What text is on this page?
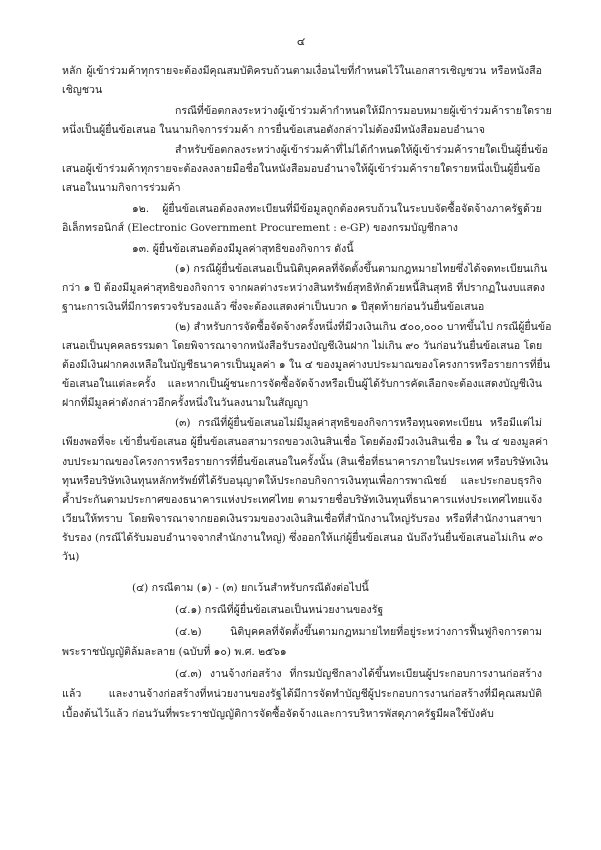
๔
หลัก ผู้เข้าร่วมค้าทุกรายจะต้องมีคุณสมบัติครบถ้วนตามเงื่อนไขที่กำหนดไว้ในเอกสารเชิญชวน หรือหนังสือ
เชิญชวน
กรณีที่ข้อตกลงระหว่างผู้เข้าร่วมค้ากำหนดให้มีการมอบหมายผู้เข้าร่วมค้ารายใดราย
หนึ่งเป็นผู้ยื่นข้อเสนอ ในนามกิจการร่วมค้า การยื่นข้อเสนอดังกล่าวไม่ต้องมีหนังสือมอบอำนาจ
สำหรับข้อตกลงระหว่างผู้เข้าร่วมค้าที่ไม่ได้กำหนดให้ผู้เข้าร่วมค้ารายใดเป็นผู้ยื่นข้อ
เสนอผู้เข้าร่วมค้าทุกรายจะต้องลงลายมือชื่อในหนังสือมอบอำนาจให้ผู้เข้าร่วมค้ารายใดรายหนึ่งเป็นผู้ยื่นข้อ
เสนอในนามกิจการร่วมค้า
๑๒. ผู้ยื่นข้อเสนอต้องลงทะเบียนที่มีข้อมูลถูกต้องครบถ้วนในระบบจัดซื้อจัดจ้างภาครัฐด้วย
อิเล็กทรอนิกส์ (Electronic Government Procurement : e-GP) ของกรมบัญชีกลาง
๑๓. ผู้ยื่นข้อเสนอต้องมีมูลค่าสุทธิของกิจการ ดังนี้
(๑) กรณีผู้ยื่นข้อเสนอเป็นนิติบุคคลที่จัดตั้งขึ้นตามกฎหมายไทยซึ่งได้จดทะเบียนเกิน
กว่า ๑ ปี ต้องมีมูลค่าสุทธิของกิจการ จากผลต่างระหว่างสินทรัพย์สุทธิหักด้วยหนี้สินสุทธิ ที่ปรากฏในงบแสดง
ฐานะการเงินที่มีการตรวจรับรองแล้ว ซึ่งจะต้องแสดงค่าเป็นบวก ๑ ปีสุดท้ายก่อนวันยื่นข้อเสนอ
(๒) สำหรับการจัดซื้อจัดจ้างครั้งหนึ่งที่มีวงเงินเกิน ๕๐๐,๐๐๐ บาทขึ้นไป กรณีผู้ยื่นข้อ
เสนอเป็นบุคคลธรรมดา โดยพิจารณาจากหนังสือรับรองบัญชีเงินฝาก ไม่เกิน ๙๐ วันก่อนวันยื่นข้อเสนอ โดย
ต้องมีเงินฝากคงเหลือในบัญชีธนาคารเป็นมูลค่า ๑ ใน ๔ ของมูลค่างบประมาณของโครงการหรือรายการที่ยื่น
ข้อเสนอในแต่ละครั้ง และหากเป็นผู้ชนะการจัดซื้อจัดจ้างหรือเป็นผู้ได้รับการคัดเลือกจะต้องแสดงบัญชีเงิน
ฝากที่มีมูลค่าดังกล่าวอีกครั้งหนึ่งในวันลงนามในสัญญา
(๓) กรณีที่ผู้ยื่นข้อเสนอไม่มีมูลค่าสุทธิของกิจการหรือทุนจดทะเบียน หรือมีแต่ไม่
เพียงพอที่จะ เข้ายื่นข้อเสนอ ผู้ยื่นข้อเสนอสามารถขอวงเงินสินเชื่อ โดยต้องมีวงเงินสินเชื่อ ๑ ใน ๔ ของมูลค่า
งบประมาณของโครงการหรือรายการที่ยื่นข้อเสนอในครั้งนั้น (สินเชื่อที่ธนาคารภายในประเทศ หรือบริษัทเงิน
ทุนหรือบริษัทเงินทุนหลักทรัพย์ที่ได้รับอนุญาตให้ประกอบกิจการเงินทุนเพื่อการพาณิชย์ และประกอบธุรกิจ
ค้ำประกันตามประกาศของธนาคารแห่งประเทศไทย ตามรายชื่อบริษัทเงินทุนที่ธนาคารแห่งประเทศไทยแจ้ง
เวียนให้ทราบ โดยพิจารณาจากยอดเงินรวมของวงเงินสินเชื่อที่สำนักงานใหญ่รับรอง หรือที่สำนักงานสาขา
รับรอง (กรณีได้รับมอบอำนาจจากสำนักงานใหญ่) ซึ่งออกให้แก่ผู้ยื่นข้อเสนอ นับถึงวันยื่นข้อเสนอไม่เกิน ๙๐
วัน)
(๔) กรณีตาม (๑) - (๓) ยกเว้นสำหรับกรณีดังต่อไปนี้
(๔.๑) กรณีที่ผู้ยื่นข้อเสนอเป็นหน่วยงานของรัฐ
(๔.๒) นิติบุคคลที่จัดตั้งขึ้นตามกฎหมายไทยที่อยู่ระหว่างการฟื้นฟูกิจการตาม
พระราชบัญญัติล้มละลาย (ฉบับที่ ๑๐) พ.ศ. ๒๕๖๑
(๔.๓) งานจ้างก่อสร้าง ที่กรมบัญชีกลางได้ขึ้นทะเบียนผู้ประกอบการงานก่อสร้าง
แล้ว และงานจ้างก่อสร้างที่หน่วยงานของรัฐได้มีการจัดทำบัญชีผู้ประกอบการงานก่อสร้างที่มีคุณสมบัติ
เบื้องต้นไว้แล้ว ก่อนวันที่พระราชบัญญัติการจัดซื้อจัดจ้างและการบริหารพัสดุภาครัฐมีผลใช้บังคับ
